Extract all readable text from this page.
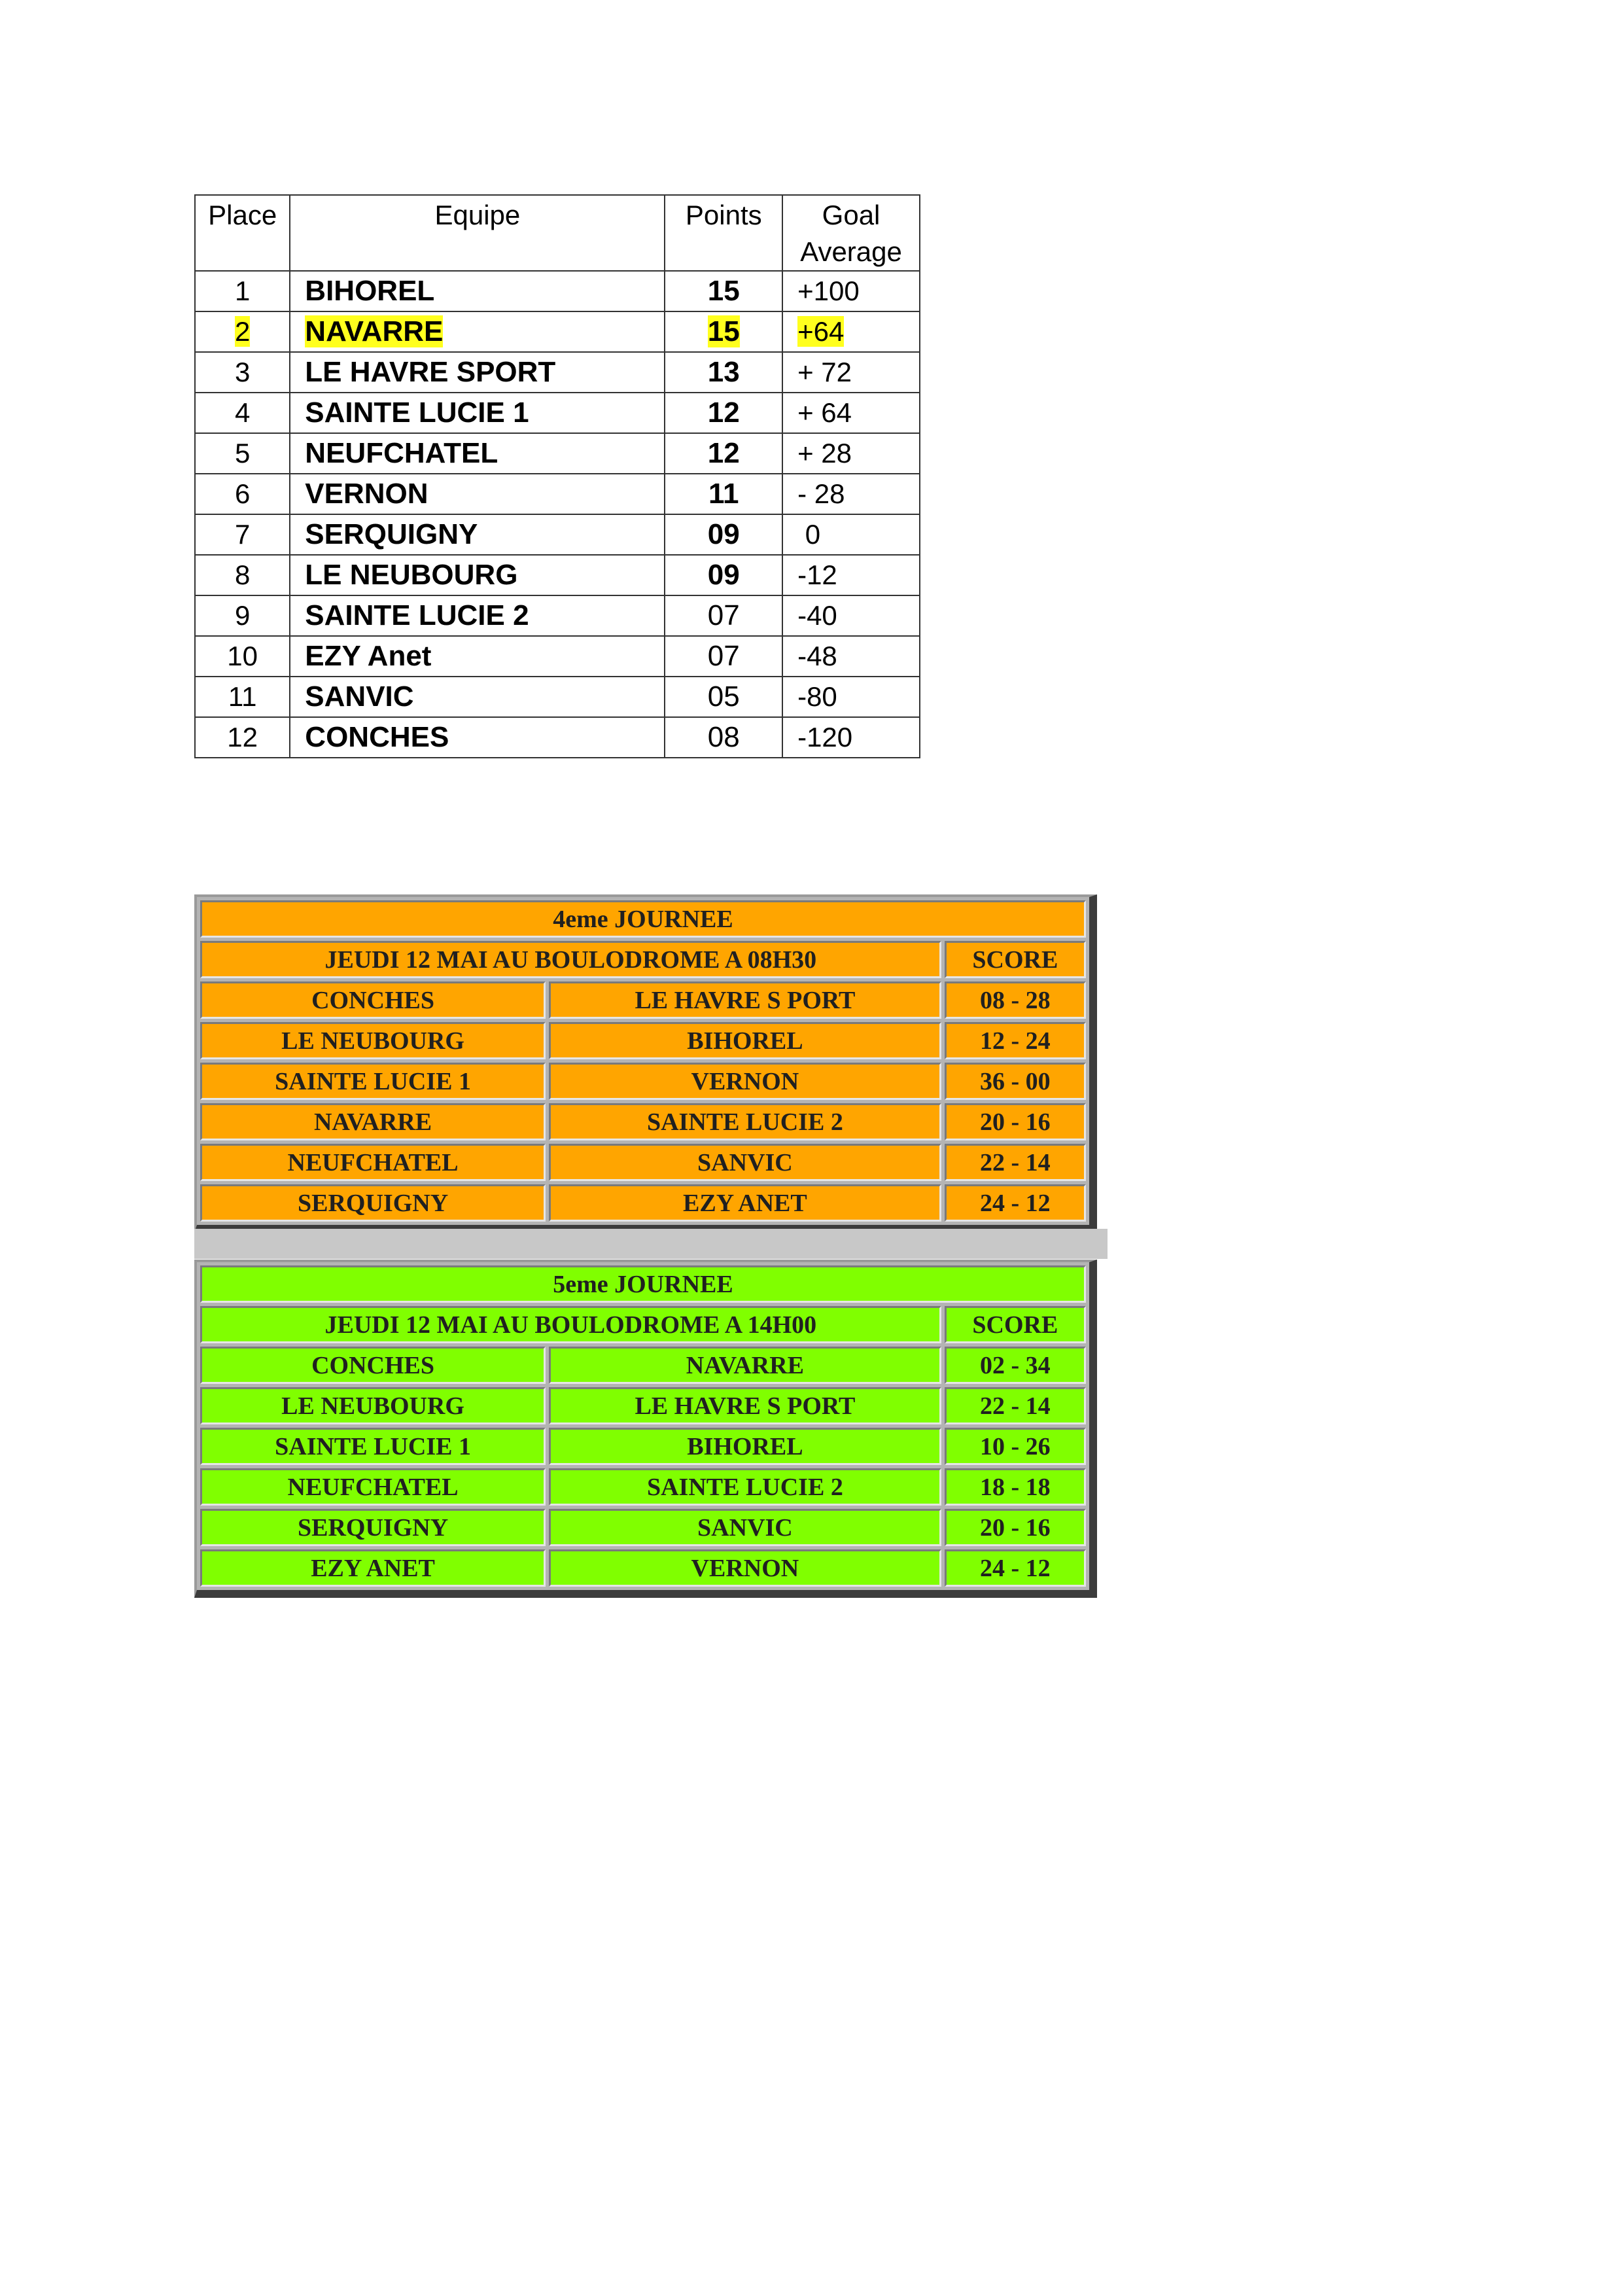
Place	Equipe	Points	Goal Average
1	BIHOREL	15	+100
2	NAVARRE	15	+64
3	LE HAVRE SPORT	13	+ 72
4	SAINTE LUCIE 1	12	+ 64
5	NEUFCHATEL	12	+ 28
6	VERNON	11	- 28
7	SERQUIGNY	09	0
8	LE NEUBOURG	09	-12
9	SAINTE LUCIE 2	07	-40
10	EZY Anet	07	-48
11	SANVIC	05	-80
12	CONCHES	08	-120
4eme JOURNEE		
JEUDI 12 MAI AU BOULODROME A 08H30		SCORE
CONCHES	LE HAVRE S PORT	08 - 28
LE NEUBOURG	BIHOREL	12 - 24
SAINTE LUCIE 1	VERNON	36 - 00
NAVARRE	SAINTE LUCIE 2	20 - 16
NEUFCHATEL	SANVIC	22 - 14
SERQUIGNY	EZY ANET	24 - 12
5eme JOURNEE		
JEUDI 12 MAI AU BOULODROME A 14H00		SCORE
CONCHES	NAVARRE	02 - 34
LE NEUBOURG	LE HAVRE S PORT	22 - 14
SAINTE LUCIE 1	BIHOREL	10 - 26
NEUFCHATEL	SAINTE LUCIE 2	18 - 18
SERQUIGNY	SANVIC	20 - 16
EZY ANET	VERNON	24 - 12
